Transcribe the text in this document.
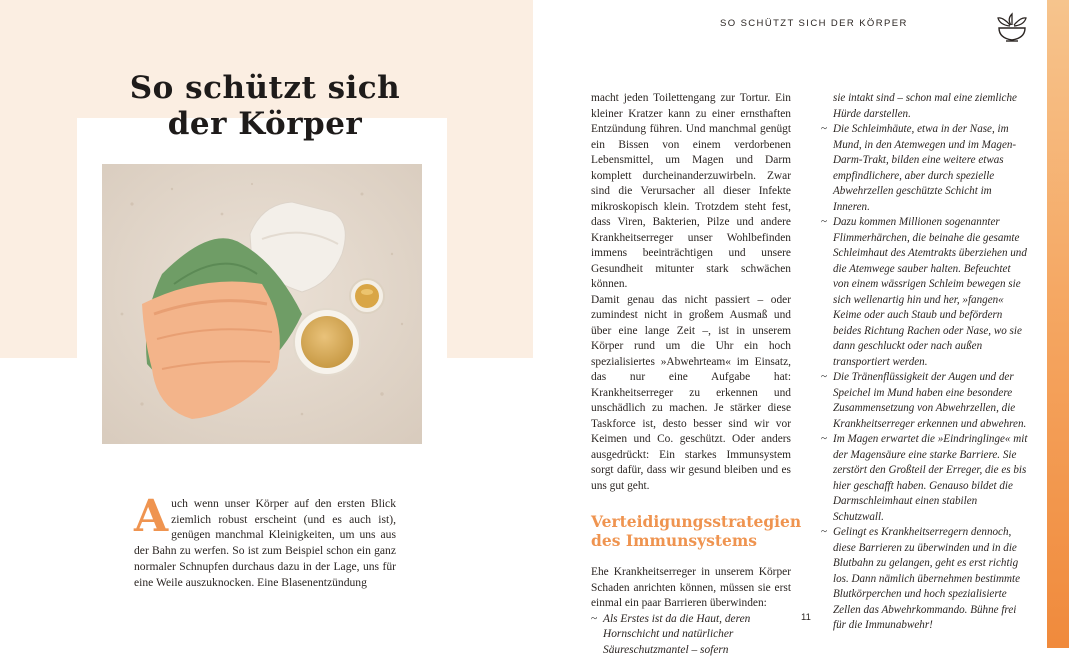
So schützt sich
der Körper
A uch wenn unser Körper auf den ersten Blick ziemlich robust erscheint (und es auch ist), genügen manchmal Kleinigkeiten, um uns aus der Bahn zu werfen. So ist zum Beispiel schon ein ganz normaler Schnupfen durchaus dazu in der Lage, uns für eine Weile auszuknocken. Eine Blasenentzündung

macht jeden Toilettengang zur Tortur. Ein kleiner Kratzer kann zu einer ernsthaften Entzündung führen. Und manchmal genügt ein Bissen von einem verdorbenen Lebensmittel, um Magen und Darm komplett durcheinanderzuwirbeln. Zwar sind die Verursacher all dieser Infekte mikroskopisch klein. Trotzdem steht fest, dass Viren, Bakterien, Pilze und andere Krankheitserreger unser Wohlbefinden immens beeinträchtigen und unsere Gesundheit mitunter stark schwächen können.

Damit genau das nicht passiert – oder zumindest nicht in großem Ausmaß und über eine lange Zeit –, ist in unserem Körper rund um die Uhr ein hoch spezialisiertes »Abwehrteam« im Einsatz, das nur eine Aufgabe hat: Krankheitserreger zu erkennen und unschädlich zu machen. Je stärker diese Taskforce ist, desto besser sind wir vor Keimen und Co. geschützt. Oder anders ausgedrückt: Ein starkes Immunsystem sorgt dafür, dass wir gesund bleiben und es uns gut geht.

Verteidigungsstrategien
des Immunsystems

Ehe Krankheitserreger in unserem Körper Schaden anrichten können, müssen sie erst einmal ein paar Barrieren überwinden:

~ Als Erstes ist da die Haut, deren Hornschicht und natürlicher Säureschutzmantel – sofern

sie intakt sind – schon mal eine ziemliche Hürde darstellen.

~ Die Schleimhäute, etwa in der Nase, im Mund, in den Atemwegen und im Magen-Darm-Trakt, bilden eine weitere etwas empfindlichere, aber durch spezielle Abwehrzellen geschützte Schicht im Inneren.
~ Dazu kommen Millionen sogenannter Flimmerhärchen, die beinahe die gesamte Schleimhaut des Atemtrakts überziehen und die Atemwege sauber halten. Befeuchtet von einem wässrigen Schleim bewegen sie sich wellenartig hin und her, »fangen« Keime oder auch Staub und befördern beides Richtung Rachen oder Nase, wo sie dann geschluckt oder nach außen transportiert werden.
~ Die Tränenflüssigkeit der Augen und der Speichel im Mund haben eine besondere Zusammensetzung von Abwehrzellen, die Krankheitserreger erkennen und abwehren.
~ Im Magen erwartet die »Eindringlinge« mit der Magensäure eine starke Barriere. Sie zerstört den Großteil der Erreger, die es bis hier geschafft haben. Genauso bildet die Darmschleimhaut einen stabilen Schutzwall.
~ Gelingt es Krankheitserregern dennoch, diese Barrieren zu überwinden und in die Blutbahn zu gelangen, geht es erst richtig los. Dann nämlich übernehmen bestimmte Blutkörperchen und hoch spezialisierte Zellen das Abwehrkommando. Bühne frei für die Immunabwehr!
SO SCHÜTZT SICH DER KÖRPER
11
